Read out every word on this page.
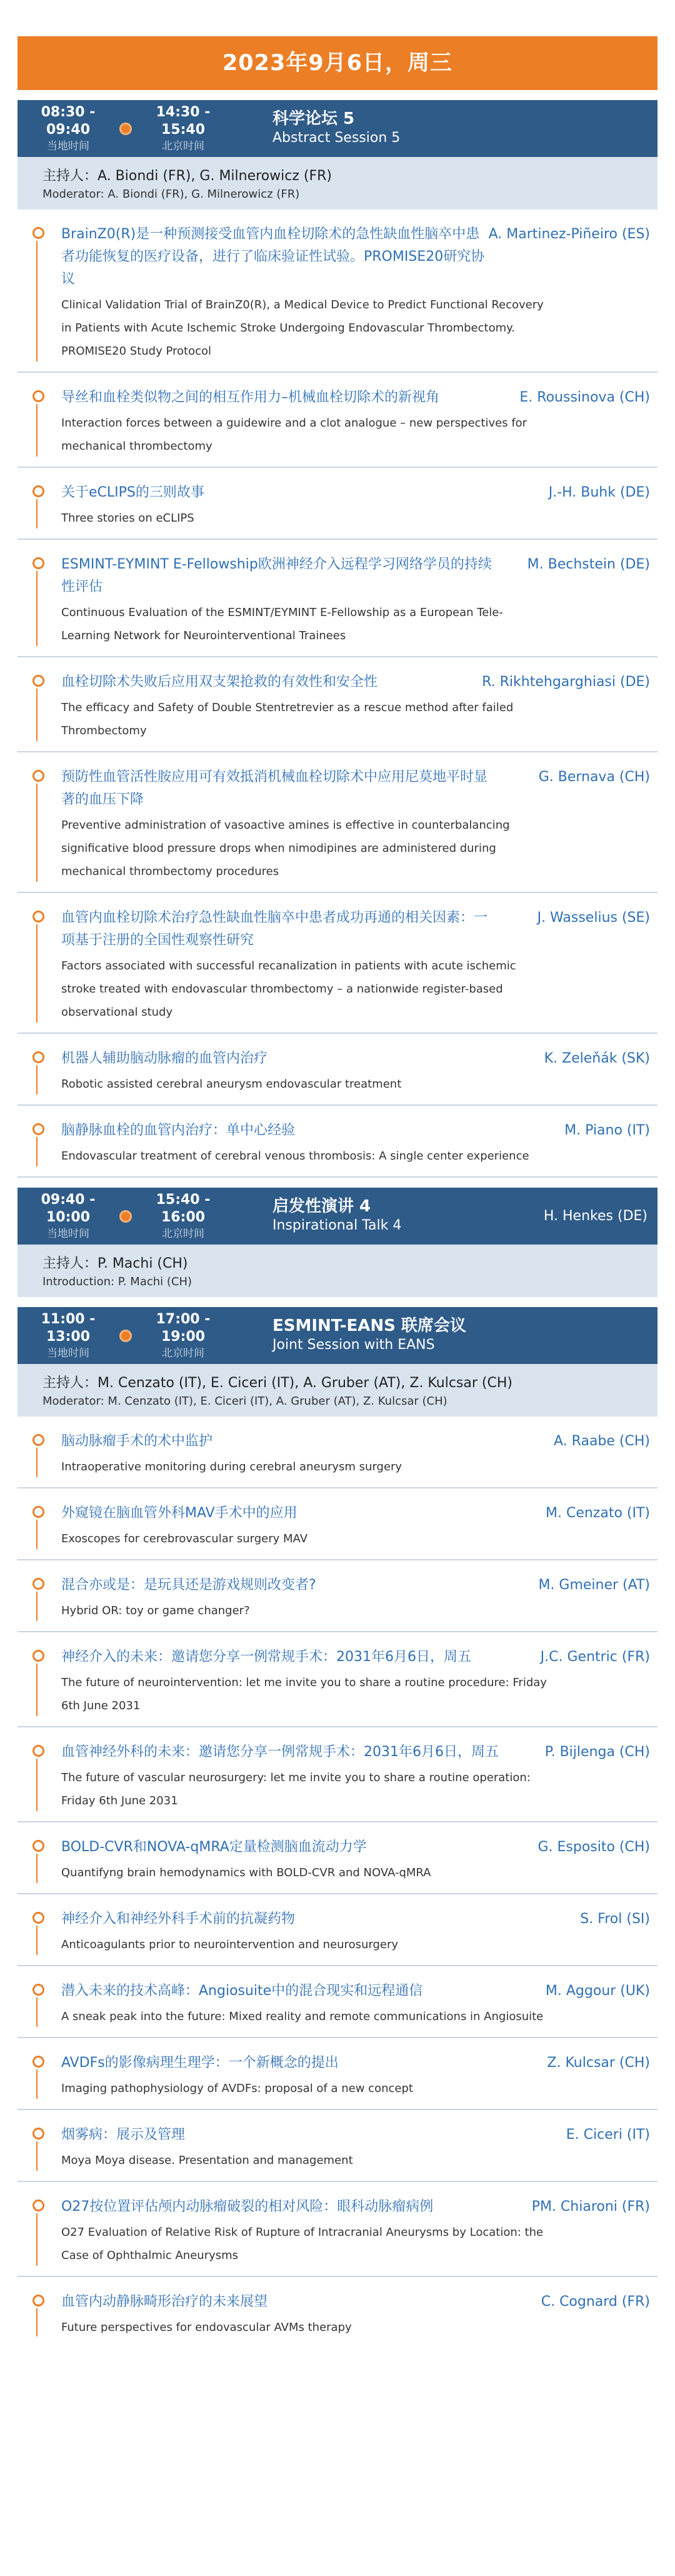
2023年9月6日，周三
08:30 - 09:40
当地时间
14:30 - 15:40
北京时间
科学论坛 5
Abstract Session 5
主持人：A. Biondi (FR), G. Milnerowicz (FR)
Moderator: A. Biondi (FR), G. Milnerowicz (FR)
BrainZ0(R)是一种预测接受血管内血栓切除术的急性缺血性脑卒中患者功能恢复的医疗设备，进行了临床验证性试验。PROMISE20研究协议
A. Martinez-Piñeiro (ES)
Clinical Validation Trial of BrainZ0(R), a Medical Device to Predict Functional Recovery in Patients with Acute Ischemic Stroke Undergoing Endovascular Thrombectomy. PROMISE20 Study Protocol
导丝和血栓类似物之间的相互作用力–机械血栓切除术的新视角	E. Roussinova (CH)
Interaction forces between a guidewire and a clot analogue – new perspectives for mechanical thrombectomy
关于eCLIPS的三则故事	J.-H. Buhk (DE)
Three stories on eCLIPS
ESMINT-EYMINT E-Fellowship欧洲神经介入远程学习网络学员的持续性评估
M. Bechstein (DE)
Continuous Evaluation of the ESMINT/EYMINT E-Fellowship as a European Tele-Learning Network for Neurointerventional Trainees
血栓切除术失败后应用双支架抢救的有效性和安全性	R. Rikhtehgarghiasi (DE)
The efficacy and Safety of Double Stentretrevier as a rescue method after failed Thrombectomy
预防性血管活性胺应用可有效抵消机械血栓切除术中应用尼莫地平时显著的血压下降
G. Bernava (CH)
Preventive administration of vasoactive amines is effective in counterbalancing significative blood pressure drops when nimodipines are administered during mechanical thrombectomy procedures
血管内血栓切除术治疗急性缺血性脑卒中患者成功再通的相关因素：一项基于注册的全国性观察性研究
J. Wasselius (SE)
Factors associated with successful recanalization in patients with acute ischemic stroke treated with endovascular thrombectomy – a nationwide register-based observational study
机器人辅助脑动脉瘤的血管内治疗	K. Zeleňák (SK)
Robotic assisted cerebral aneurysm endovascular treatment
脑静脉血栓的血管内治疗：单中心经验	M. Piano (IT)
Endovascular treatment of cerebral venous thrombosis: A single center experience
09:40 - 10:00
当地时间
15:40 - 16:00
北京时间
启发性演讲 4
Inspirational Talk 4
H. Henkes (DE)
主持人：P. Machi (CH)
Introduction: P. Machi (CH)
11:00 - 13:00
当地时间
17:00 - 19:00
北京时间
ESMINT-EANS 联席会议
Joint Session with EANS
主持人：M. Cenzato (IT), E. Ciceri (IT), A. Gruber (AT), Z. Kulcsar (CH)
Moderator: M. Cenzato (IT), E. Ciceri (IT), A. Gruber (AT), Z. Kulcsar (CH)
脑动脉瘤手术的术中监护	A. Raabe (CH)
Intraoperative monitoring during cerebral aneurysm surgery
外窥镜在脑血管外科MAV手术中的应用	M. Cenzato (IT)
Exoscopes for cerebrovascular surgery MAV
混合亦或是：是玩具还是游戏规则改变者?	M. Gmeiner (AT)
Hybrid OR: toy or game changer?
神经介入的未来：邀请您分享一例常规手术：2031年6月6日，周五	J.C. Gentric (FR)
The future of neurointervention: let me invite you to share a routine procedure: Friday 6th June 2031
血管神经外科的未来：邀请您分享一例常规手术：2031年6月6日，周五	P. Bijlenga (CH)
The future of vascular neurosurgery: let me invite you to share a routine operation: Friday 6th June 2031
BOLD-CVR和NOVA-qMRA定量检测脑血流动力学	G. Esposito (CH)
Quantifyng brain hemodynamics with BOLD-CVR and NOVA-qMRA
神经介入和神经外科手术前的抗凝药物	S. Frol (SI)
Anticoagulants prior to neurointervention and neurosurgery
潜入未来的技术高峰：Angiosuite中的混合现实和远程通信	M. Aggour (UK)
A sneak peak into the future: Mixed reality and remote communications in Angiosuite
AVDFs的影像病理生理学：一个新概念的提出	Z. Kulcsar (CH)
Imaging pathophysiology of AVDFs: proposal of a new concept
烟雾病：展示及管理	E. Ciceri (IT)
Moya Moya disease. Presentation and management
O27按位置评估颅内动脉瘤破裂的相对风险：眼科动脉瘤病例	PM. Chiaroni (FR)
O27 Evaluation of Relative Risk of Rupture of Intracranial Aneurysms by Location: the Case of Ophthalmic Aneurysms
血管内动静脉畸形治疗的未来展望	C. Cognard (FR)
Future perspectives for endovascular AVMs therapy
